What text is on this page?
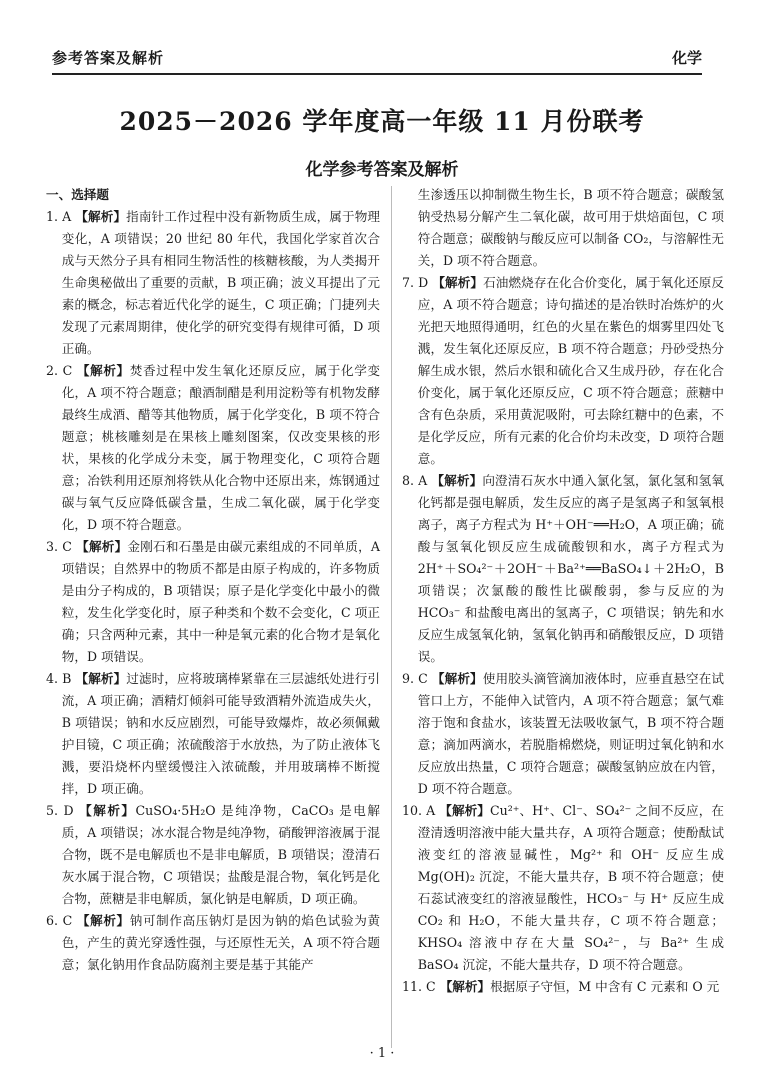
参考答案及解析	化学
2025－2026 学年度高一年级 11 月份联考
化学参考答案及解析
一、选择题

1. A 【解析】指南针工作过程中没有新物质生成，属于物理变化，A 项错误；20 世纪 80 年代，我国化学家首次合成与天然分子具有相同生物活性的核糖核酸，为人类揭开生命奥秘做出了重要的贡献，B 项正确；波义耳提出了元素的概念，标志着近代化学的诞生，C 项正确；门捷列夫发现了元素周期律，使化学的研究变得有规律可循，D 项正确。

2. C 【解析】焚香过程中发生氧化还原反应，属于化学变化，A 项不符合题意；酿酒制醋是利用淀粉等有机物发酵最终生成酒、醋等其他物质，属于化学变化，B 项不符合题意；桃核雕刻是在果核上雕刻图案，仅改变果核的形状，果核的化学成分未变，属于物理变化，C 项符合题意；冶铁利用还原剂将铁从化合物中还原出来，炼钢通过碳与氧气反应降低碳含量，生成二氧化碳，属于化学变化，D 项不符合题意。

3. C 【解析】金刚石和石墨是由碳元素组成的不同单质，A 项错误；自然界中的物质不都是由原子构成的，许多物质是由分子构成的，B 项错误；原子是化学变化中最小的微粒，发生化学变化时，原子种类和个数不会变化，C 项正确；只含两种元素，其中一种是氧元素的化合物才是氧化物，D 项错误。

4. B 【解析】过滤时，应将玻璃棒紧靠在三层滤纸处进行引流，A 项正确；酒精灯倾斜可能导致酒精外流造成失火，B 项错误；钠和水反应剧烈，可能导致爆炸，故必须佩戴护目镜，C 项正确；浓硫酸溶于水放热，为了防止液体飞溅，要沿烧杯内壁缓慢注入浓硫酸，并用玻璃棒不断搅拌，D 项正确。

5. D 【解析】CuSO₄·5H₂O 是纯净物，CaCO₃ 是电解质，A 项错误；冰水混合物是纯净物，硝酸钾溶液属于混合物，既不是电解质也不是非电解质，B 项错误；澄清石灰水属于混合物，C 项错误；盐酸是混合物，氧化钙是化合物，蔗糖是非电解质，氯化钠是电解质，D 项正确。

6. C 【解析】钠可制作高压钠灯是因为钠的焰色试验为黄色，产生的黄光穿透性强，与还原性无关，A 项不符合题意；氯化钠用作食品防腐剂主要是基于其能产

生渗透压以抑制微生物生长，B 项不符合题意；碳酸氢钠受热易分解产生二氧化碳，故可用于烘焙面包，C 项符合题意；碳酸钠与酸反应可以制备 CO₂，与溶解性无关，D 项不符合题意。

7. D 【解析】石油燃烧存在化合价变化，属于氧化还原反应，A 项不符合题意；诗句描述的是冶铁时冶炼炉的火光把天地照得通明，红色的火星在紫色的烟雾里四处飞溅，发生氧化还原反应，B 项不符合题意；丹砂受热分解生成水银，然后水银和硫化合又生成丹砂，存在化合价变化，属于氧化还原反应，C 项不符合题意；蔗糖中含有色杂质，采用黄泥吸附，可去除红糖中的色素，不是化学反应，所有元素的化合价均未改变，D 项符合题意。

8. A 【解析】向澄清石灰水中通入氯化氢，氯化氢和氢氧化钙都是强电解质，发生反应的离子是氢离子和氢氧根离子，离子方程式为 H⁺＋OH⁻══H₂O，A 项正确；硫酸与氢氧化钡反应生成硫酸钡和水，离子方程式为 2H⁺＋SO₄²⁻＋2OH⁻＋Ba²⁺══BaSO₄↓＋2H₂O，B 项错误；次氯酸的酸性比碳酸弱，参与反应的为 HCO₃⁻ 和盐酸电离出的氢离子，C 项错误；钠先和水反应生成氢氧化钠，氢氧化钠再和硝酸银反应，D 项错误。

9. C 【解析】使用胶头滴管滴加液体时，应垂直悬空在试管口上方，不能伸入试管内，A 项不符合题意；氯气难溶于饱和食盐水，该装置无法吸收氯气，B 项不符合题意；滴加两滴水，若脱脂棉燃烧，则证明过氧化钠和水反应放出热量，C 项符合题意；碳酸氢钠应放在内管，D 项不符合题意。

10. A 【解析】Cu²⁺、H⁺、Cl⁻、SO₄²⁻ 之间不反应，在澄清透明溶液中能大量共存，A 项符合题意；使酚酞试液变红的溶液显碱性，Mg²⁺ 和 OH⁻ 反应生成 Mg(OH)₂ 沉淀，不能大量共存，B 项不符合题意；使石蕊试液变红的溶液显酸性，HCO₃⁻ 与 H⁺ 反应生成 CO₂ 和 H₂O，不能大量共存，C 项不符合题意；KHSO₄ 溶液中存在大量 SO₄²⁻，与 Ba²⁺ 生成 BaSO₄ 沉淀，不能大量共存，D 项不符合题意。

11. C 【解析】根据原子守恒，M 中含有 C 元素和 O 元

· 1 ·
